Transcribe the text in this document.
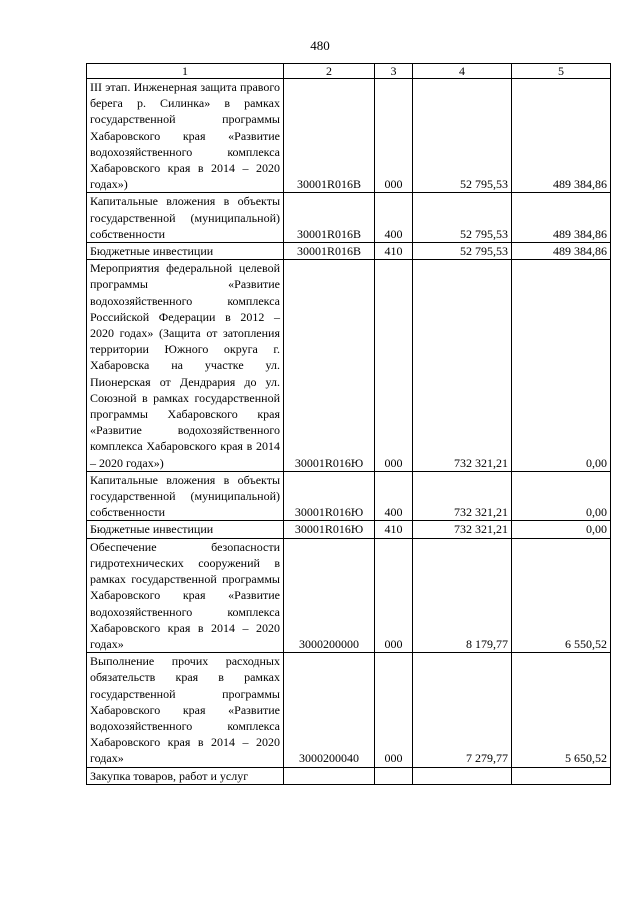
480
1	2	3	4	5
III этап. Инженерная защита правого берега р. Силинка» в рамках государственной программы Хабаровского края «Развитие водохозяйственного комплекса Хабаровского края в 2014 – 2020 годах»)	30001R016B	000	52 795,53	489 384,86
Капитальные вложения в объекты государственной (муниципальной) собственности	30001R016B	400	52 795,53	489 384,86
Бюджетные инвестиции	30001R016B	410	52 795,53	489 384,86
Мероприятия федеральной целевой программы «Развитие водохозяйственного комплекса Российской Федерации в 2012 – 2020 годах» (Защита от затопления территории Южного округа г. Хабаровска на участке ул. Пионерская от Дендрария до ул. Союзной в рамках государственной программы Хабаровского края «Развитие водохозяйственного комплекса Хабаровского края в 2014 – 2020 годах»)	30001R016Ю	000	732 321,21	0,00
Капитальные вложения в объекты государственной (муниципальной) собственности	30001R016Ю	400	732 321,21	0,00
Бюджетные инвестиции	30001R016Ю	410	732 321,21	0,00
Обеспечение безопасности гидротехнических сооружений в рамках государственной программы Хабаровского края «Развитие водохозяйственного комплекса Хабаровского края в 2014 – 2020 годах»	3000200000	000	8 179,77	6 550,52
Выполнение прочих расходных обязательств края в рамках государственной программы Хабаровского края «Развитие водохозяйственного комплекса Хабаровского края в 2014 – 2020 годах»	3000200040	000	7 279,77	5 650,52
Закупка товаров, работ и услуг				
